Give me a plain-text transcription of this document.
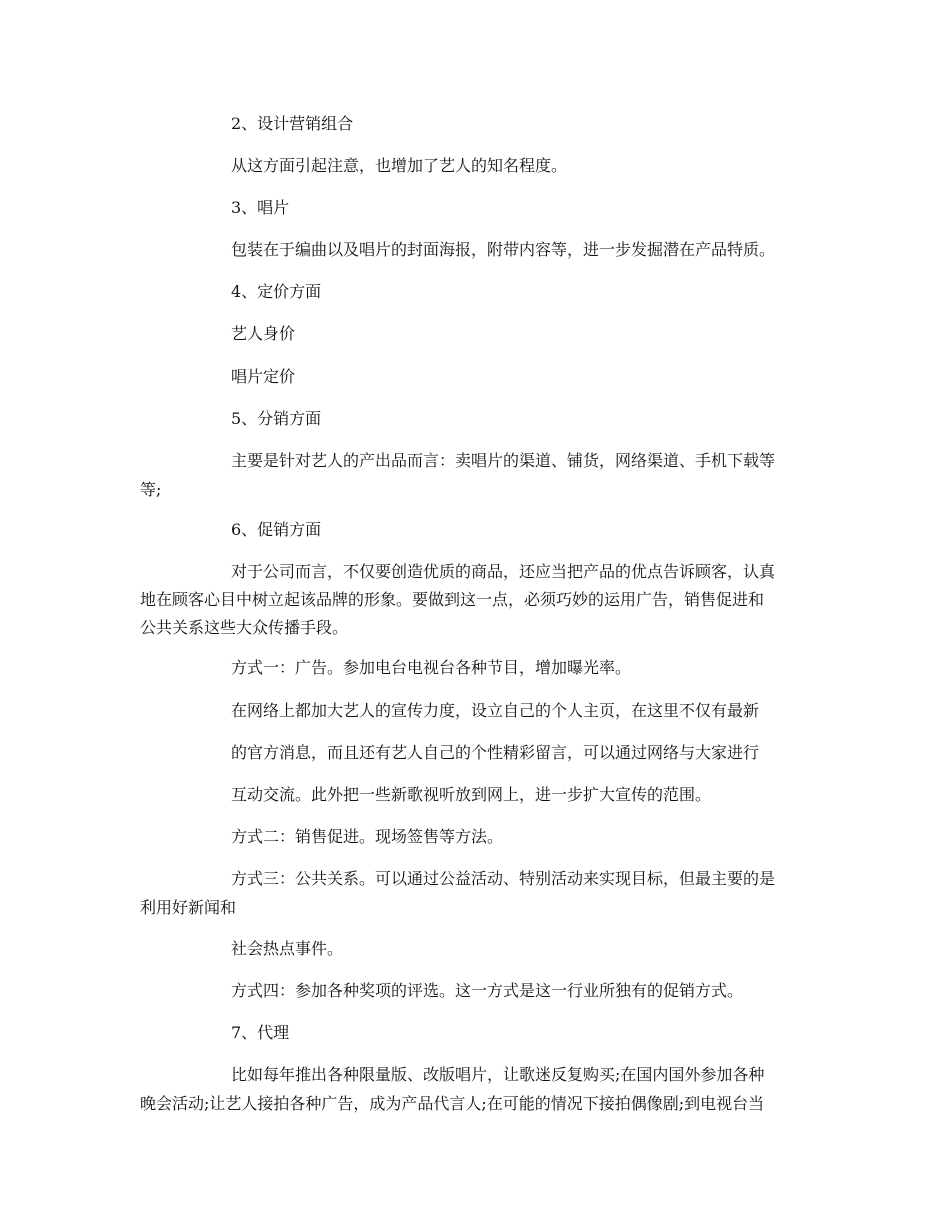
2、设计营销组合

从这方面引起注意，也增加了艺人的知名程度。

3、唱片

包装在于编曲以及唱片的封面海报，附带内容等，进一步发掘潜在产品特质。

4、定价方面

艺人身价

唱片定价

5、分销方面

主要是针对艺人的产出品而言：卖唱片的渠道、铺货，网络渠道、手机下载等

等;

6、促销方面

对于公司而言，不仅要创造优质的商品，还应当把产品的优点告诉顾客，认真

地在顾客心目中树立起该品牌的形象。要做到这一点，必须巧妙的运用广告，销售促进和

公共关系这些大众传播手段。

方式一：广告。参加电台电视台各种节目，增加曝光率。

在网络上都加大艺人的宣传力度，设立自己的个人主页，在这里不仅有最新

的官方消息，而且还有艺人自己的个性精彩留言，可以通过网络与大家进行

互动交流。此外把一些新歌视听放到网上，进一步扩大宣传的范围。

方式二：销售促进。现场签售等方法。

方式三：公共关系。可以通过公益活动、特别活动来实现目标，但最主要的是

利用好新闻和

社会热点事件。

方式四：参加各种奖项的评选。这一方式是这一行业所独有的促销方式。

7、代理

比如每年推出各种限量版、改版唱片，让歌迷反复购买;在国内国外参加各种

晚会活动;让艺人接拍各种广告，成为产品代言人;在可能的情况下接拍偶像剧;到电视台当
